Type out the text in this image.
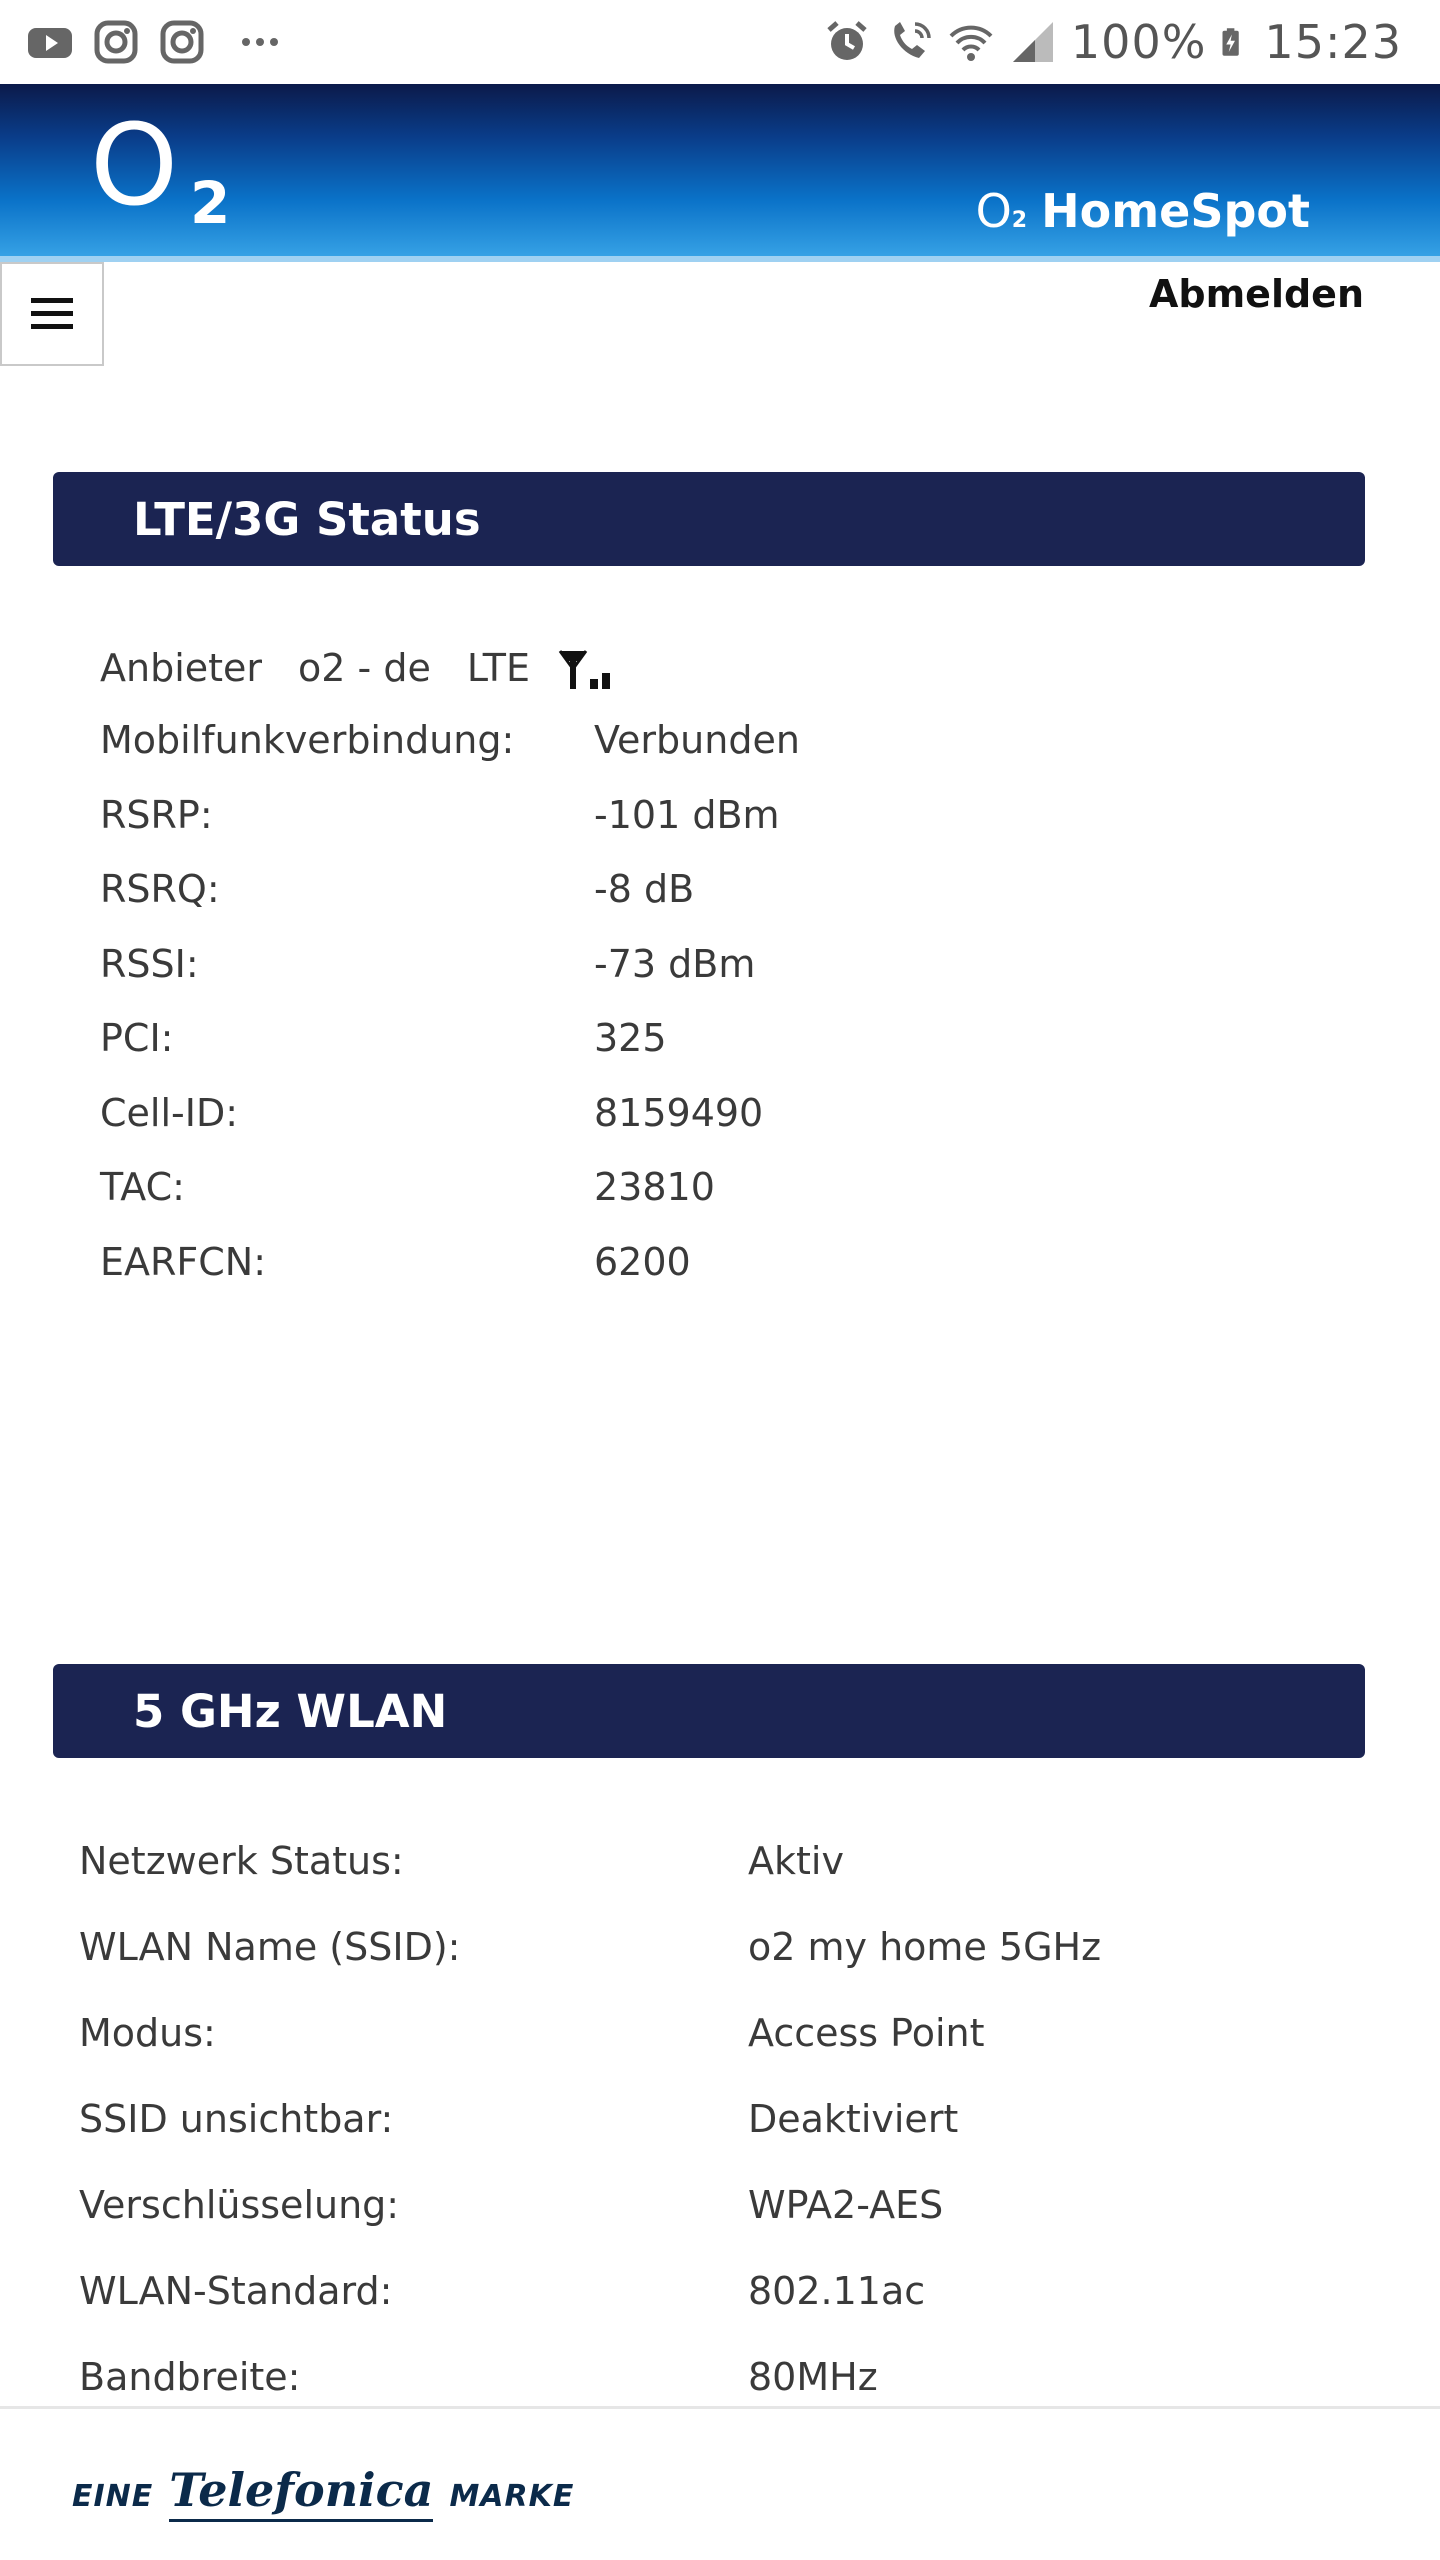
100% 15:23
O 2	O 2 HomeSpot
Abmelden
LTE/3G Status
Anbieter o2 - de LTE
Mobilfunkverbindung: Verbunden
RSRP:	-101 dBm
RSRQ:	-8 dB
RSSI:	-73 dBm
PCI:	325
Cell-ID:	8159490
TAC:	23810
EARFCN:	6200
5 GHz WLAN
Netzwerk Status:	Aktiv
WLAN Name (SSID):	o2 my home 5GHz
Modus:	Access Point
SSID unsichtbar:	Deaktiviert
Verschlüsselung:	WPA2-AES
WLAN-Standard:	802.11ac
Bandbreite:	80MHz
EINE Telefonica MARKE
